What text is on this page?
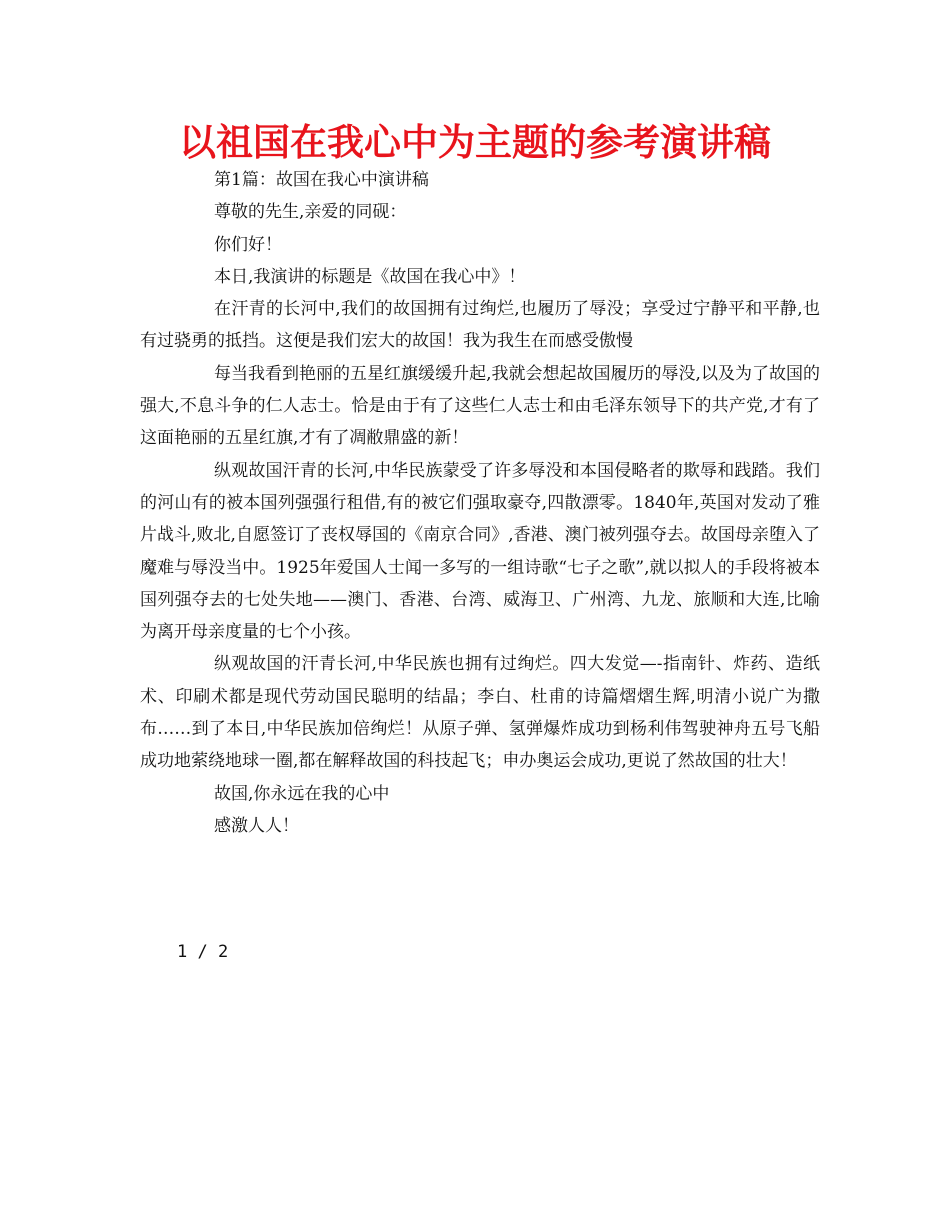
以祖国在我心中为主题的参考演讲稿

第1篇：故国在我心中演讲稿

尊敬的先生,亲爱的同砚：

你们好！

本日,我演讲的标题是《故国在我心中》！

在汗青的长河中,我们的故国拥有过绚烂,也履历了辱没；享受过宁静平和平静,也有过骁勇的抵挡。这便是我们宏大的故国！我为我生在而感受傲慢

每当我看到艳丽的五星红旗缓缓升起,我就会想起故国履历的辱没,以及为了故国的强大,不息斗争的仁人志士。恰是由于有了这些仁人志士和由毛泽东领导下的共产党,才有了这面艳丽的五星红旗,才有了凋敝鼎盛的新！

纵观故国汗青的长河,中华民族蒙受了许多辱没和本国侵略者的欺辱和践踏。我们的河山有的被本国列强强行租借,有的被它们强取豪夺,四散漂零。1840年,英国对发动了雅片战斗,败北,自愿签订了丧权辱国的《南京合同》,香港、澳门被列强夺去。故国母亲堕入了魔难与辱没当中。1925年爱国人士闻一多写的一组诗歌“七子之歌”,就以拟人的手段将被本国列强夺去的七处失地——澳门、香港、台湾、威海卫、广州湾、九龙、旅顺和大连,比喻为离开母亲度量的七个小孩。

纵观故国的汗青长河,中华民族也拥有过绚烂。四大发觉—-指南针、炸药、造纸术、印刷术都是现代劳动国民聪明的结晶；李白、杜甫的诗篇熠熠生辉,明清小说广为撒布……到了本日,中华民族加倍绚烂！从原子弹、氢弹爆炸成功到杨利伟驾驶神舟五号飞船成功地萦绕地球一圈,都在解释故国的科技起飞；申办奥运会成功,更说了然故国的壮大！

故国,你永远在我的心中

感激人人！

1 / 2
